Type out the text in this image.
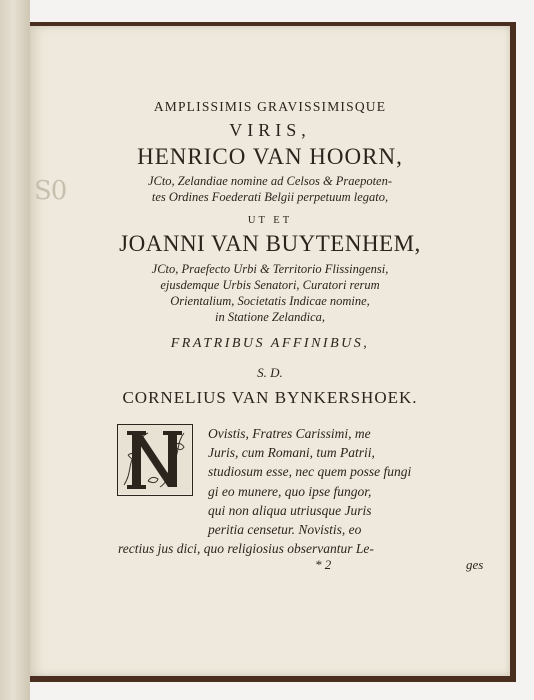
S0
AMPLISSIMIS GRAVISSIMISQUE
VIRIS,
HENRICO VAN HOORN,
JCto, Zelandiae nomine ad Celsos & Praepoten-
tes Ordines Foederati Belgii perpetuum legato,
UT ET
JOANNI VAN BUYTENHEM,
JCto, Praefecto Urbi & Territorio Flissingensi,
ejusdemque Urbis Senatori, Curatori rerum
Orientalium, Societatis Indicae nomine,
in Statione Zelandica,
FRATRIBUS AFFINIBUS,
S. D.
CORNELIUS VAN BYNKERSHOEK.
Ovistis, Fratres Carissimi, me
Juris, cum Romani, tum Patrii,
studiosum esse, nec quem posse fungi
gi eo munere, quo ipse fungor,
qui non aliqua utriusque Juris
peritia censetur. Novistis, eo
rectius jus dici, quo religiosius observantur Le-
* 2	ges
